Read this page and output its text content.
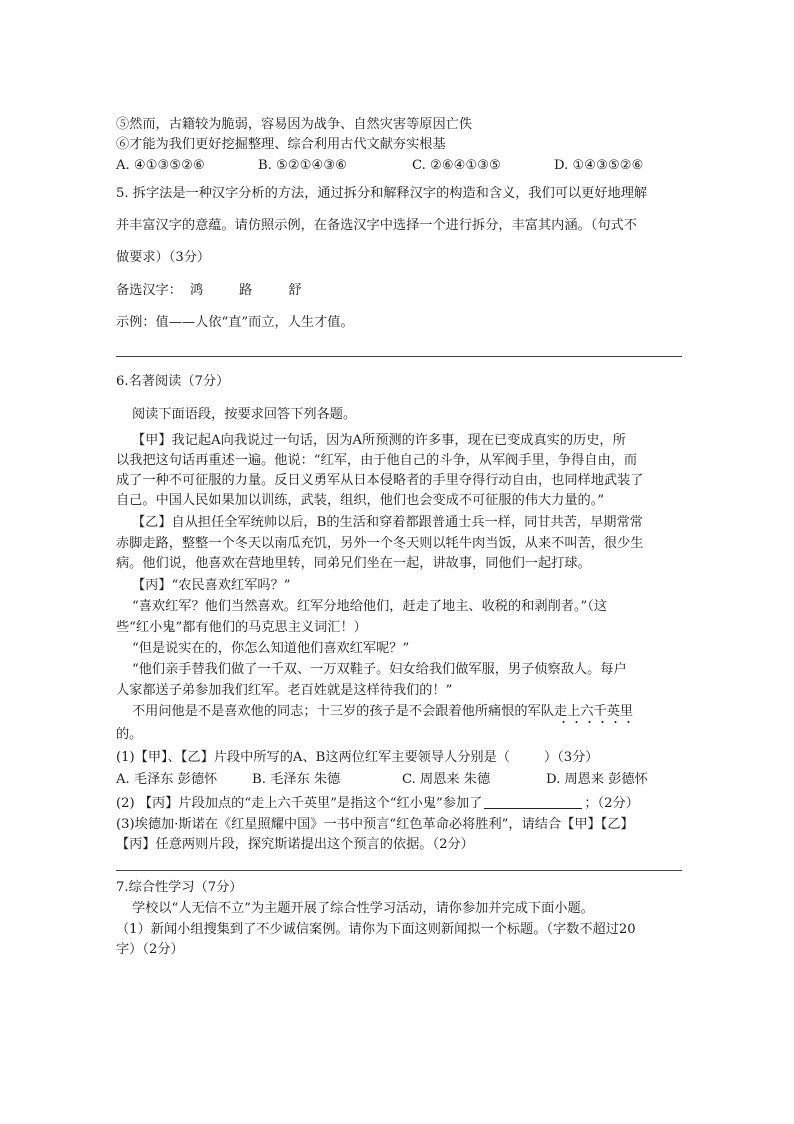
⑤然而，古籍较为脆弱，容易因为战争、自然灾害等原因亡佚
⑥才能为我们更好挖掘整理、综合利用古代文献夯实根基
A. ④①③⑤②⑥	B. ⑤②①④③⑥	C. ②⑥④①③⑤	D. ①④③⑤②⑥
5. 拆字法是一种汉字分析的方法，通过拆分和解释汉字的构造和含义，我们可以更好地理解
并丰富汉字的意蕴。请仿照示例，在备选汉字中选择一个进行拆分，丰富其内涵。（句式不
做要求）（3分）
备选汉字： 鸿	路	舒
示例：值——人依“直”而立，人生才值。
6.名著阅读（7分）
阅读下面语段，按要求回答下列各题。
【甲】我记起A向我说过一句话，因为A所预测的许多事，现在已变成真实的历史，所
以我把这句话再重述一遍。他说：“红军，由于他自己的斗争，从军阀手里，争得自由，而
成了一种不可征服的力量。反日义勇军从日本侵略者的手里夺得行动自由，也同样地武装了
自己。中国人民如果加以训练，武装，组织，他们也会变成不可征服的伟大力量的。”
【乙】自从担任全军统帅以后，B的生活和穿着都跟普通士兵一样，同甘共苦，早期常常
赤脚走路，整整一个冬天以南瓜充饥，另外一个冬天则以牦牛肉当饭，从来不叫苦，很少生
病。他们说，他喜欢在营地里转，同弟兄们坐在一起，讲故事，同他们一起打球。
【丙】“农民喜欢红军吗？”
“喜欢红军？他们当然喜欢。红军分地给他们，赶走了地主、收税的和剥削者。”（这
些“红小鬼”都有他们的马克思主义词汇！）
“但是说实在的，你怎么知道他们喜欢红军呢？”
“他们亲手替我们做了一千双、一万双鞋子。妇女给我们做军服，男子侦察敌人。每户
人家都送子弟参加我们红军。老百姓就是这样待我们的！”
不用问他是不是喜欢他的同志；十三岁的孩子是不会跟着他所痛恨的军队走上六千英里
的。
(1)【甲】、【乙】片段中所写的A、B这两位红军主要领导人分别是（	）（3分）
A. 毛泽东 彭德怀	B. 毛泽东 朱德	C. 周恩来 朱德	D. 周恩来 彭德怀
(2) 【丙】片段加点的“走上六千英里”是指这个“红小鬼”参加了	；（2分）
(3)埃德加·斯诺在《红星照耀中国》一书中预言“红色革命必将胜利”，请结合【甲】【乙】
【丙】任意两则片段，探究斯诺提出这个预言的依据。（2分）
7.综合性学习（7分）
学校以“人无信不立”为主题开展了综合性学习活动，请你参加并完成下面小题。
（1）新闻小组搜集到了不少诚信案例。请你为下面这则新闻拟一个标题。（字数不超过20
字）（2分）
